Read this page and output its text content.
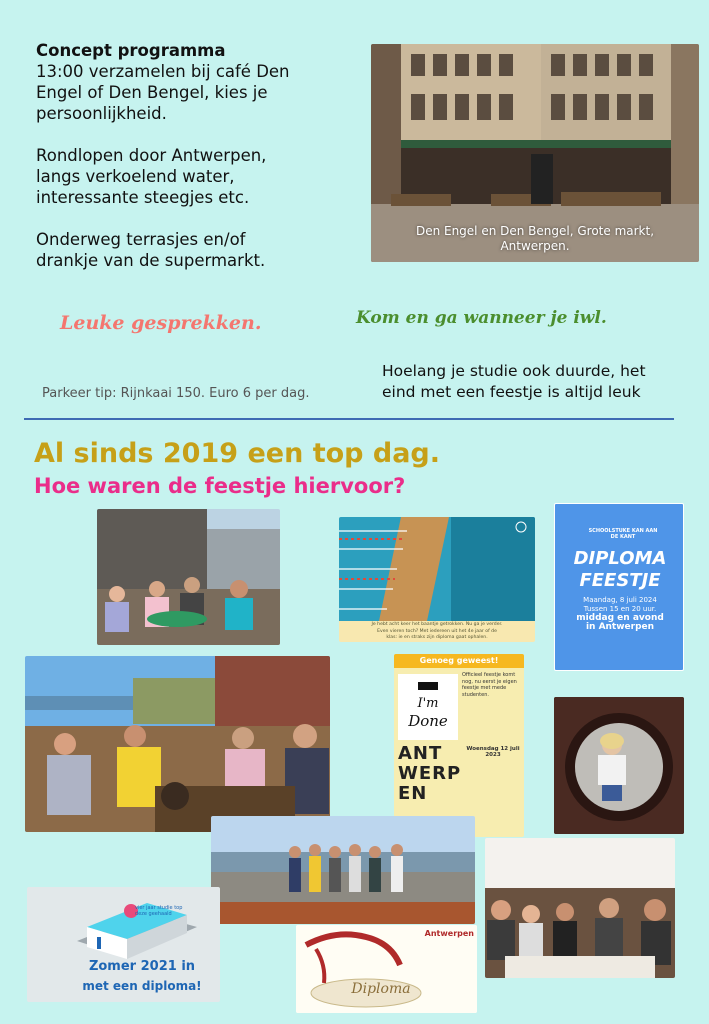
Concept programma

13:00 verzamelen bij café Den

Engel of Den Bengel, kies je

persoonlijkheid.

Rondlopen door Antwerpen,

langs verkoelend water,

interessante steegjes etc.

Onderweg terrasjes en/of

drankje van de supermarkt.

Den Engel en Den Bengel, Grote markt,
Antwerpen.
Leuke gesprekken.	Kom en ga wanneer je iwl.
Parkeer tip: Rijnkaai 150. Euro 6 per dag.
Hoelang je studie ook duurde, het
eind met een feestje is altijd leuk
Al sinds 2019 een top dag.
Hoe waren de feestje hiervoor?
Je hebt acht keer het baantje getrokken. Nu ga je verder.
Even vieren toch? Met iedereen uit het 4e jaar of de
klas: ie en straks zijn diploma gaat ophalen.
SCHOOLSTUKE KAN AAN DE KANT
DIPLOMA
FEESTJE
Maandag, 8 juli 2024
Tussen 15 en 20 uur.
middag en avond
in Antwerpen
Genoeg geweest!
I'm
Done
Officieel feestje komt nog, nu eerst je eigen feestje met mede studenten.
Woensdag 12 juli 2023
ANTWERPEN
vier jaar studie top deze geehaald
Zomer 2021 in
met een diploma!
Antwerpen
Diploma
